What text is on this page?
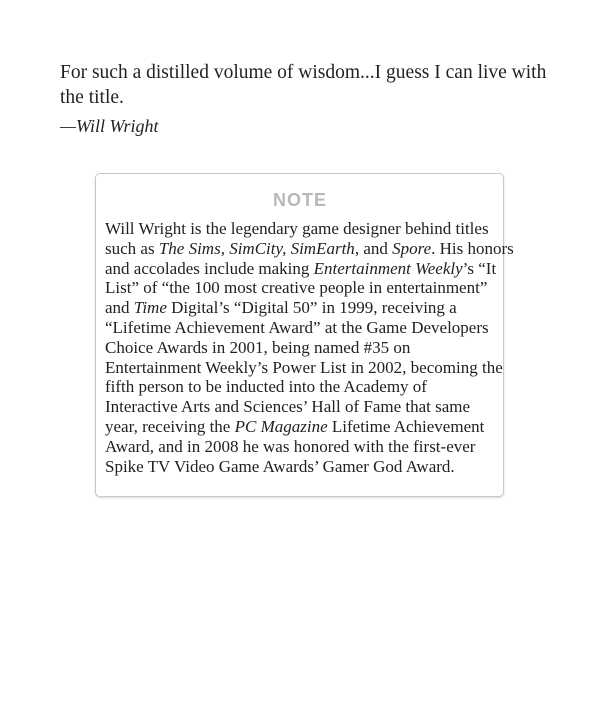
For such a distilled volume of wisdom...I guess I can live with the title.

—Will Wright

NOTE
Will Wright is the legendary game designer behind titles
such as The Sims, SimCity, SimEarth, and Spore. His honors
and accolades include making Entertainment Weekly’s “It
List” of “the 100 most creative people in entertainment”
and Time Digital’s “Digital 50” in 1999, receiving a
“Lifetime Achievement Award” at the Game Developers
Choice Awards in 2001, being named #35 on
Entertainment Weekly’s Power List in 2002, becoming the
fifth person to be inducted into the Academy of
Interactive Arts and Sciences’ Hall of Fame that same
year, receiving the PC Magazine Lifetime Achievement
Award, and in 2008 he was honored with the first-ever
Spike TV Video Game Awards’ Gamer God Award.
